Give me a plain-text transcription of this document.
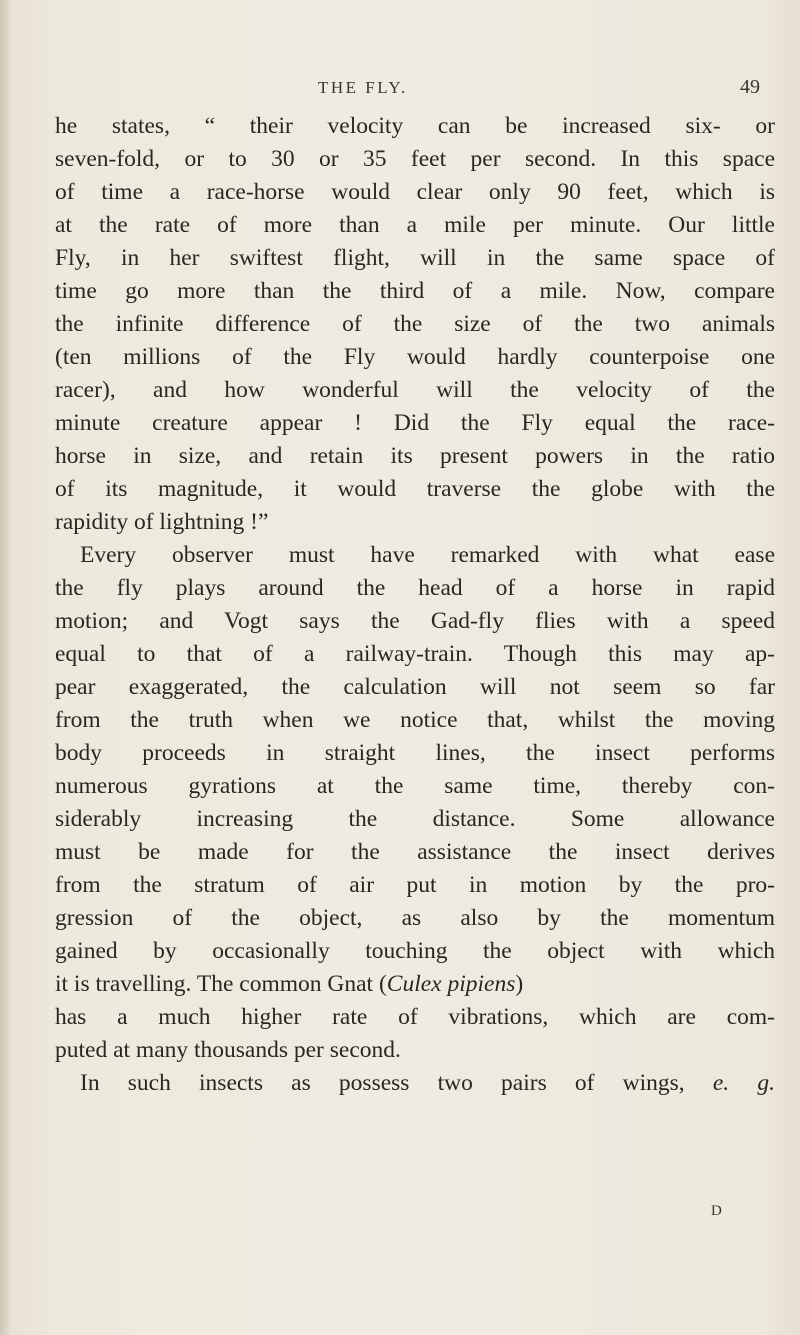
THE FLY.	49
he states, “ their velocity can be increased six- or
seven-fold, or to 30 or 35 feet per second. In this space
of time a race-horse would clear only 90 feet, which is
at the rate of more than a mile per minute. Our little
Fly, in her swiftest flight, will in the same space of
time go more than the third of a mile. Now, compare
the infinite difference of the size of the two animals
(ten millions of the Fly would hardly counterpoise one
racer), and how wonderful will the velocity of the
minute creature appear ! Did the Fly equal the race-
horse in size, and retain its present powers in the ratio
of its magnitude, it would traverse the globe with the
rapidity of lightning !”
Every observer must have remarked with what ease
the fly plays around the head of a horse in rapid
motion; and Vogt says the Gad-fly flies with a speed
equal to that of a railway-train. Though this may ap-
pear exaggerated, the calculation will not seem so far
from the truth when we notice that, whilst the moving
body proceeds in straight lines, the insect performs
numerous gyrations at the same time, thereby con-
siderably increasing the distance. Some allowance
must be made for the assistance the insect derives
from the stratum of air put in motion by the pro-
gression of the object, as also by the momentum
gained by occasionally touching the object with which
it is travelling. The common Gnat (Culex pipiens)
has a much higher rate of vibrations, which are com-
puted at many thousands per second.
In such insects as possess two pairs of wings, e. g.
D
